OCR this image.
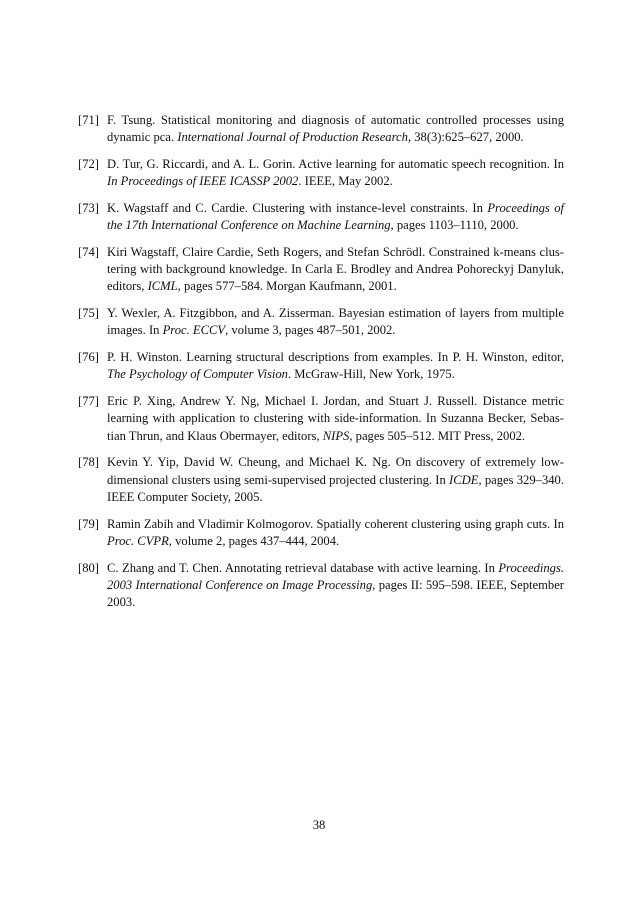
[71] F. Tsung. Statistical monitoring and diagnosis of automatic controlled processes using dynamic pca. International Journal of Production Research, 38(3):625–627, 2000.
[72] D. Tur, G. Riccardi, and A. L. Gorin. Active learning for automatic speech recognition. In In Proceedings of IEEE ICASSP 2002. IEEE, May 2002.
[73] K. Wagstaff and C. Cardie. Clustering with instance-level constraints. In Proceedings of the 17th International Conference on Machine Learning, pages 1103–1110, 2000.
[74] Kiri Wagstaff, Claire Cardie, Seth Rogers, and Stefan Schrödl. Constrained k-means clustering with background knowledge. In Carla E. Brodley and Andrea Pohoreckyj Danyluk, editors, ICML, pages 577–584. Morgan Kaufmann, 2001.
[75] Y. Wexler, A. Fitzgibbon, and A. Zisserman. Bayesian estimation of layers from multiple images. In Proc. ECCV, volume 3, pages 487–501, 2002.
[76] P. H. Winston. Learning structural descriptions from examples. In P. H. Winston, editor, The Psychology of Computer Vision. McGraw-Hill, New York, 1975.
[77] Eric P. Xing, Andrew Y. Ng, Michael I. Jordan, and Stuart J. Russell. Distance metric learning with application to clustering with side-information. In Suzanna Becker, Sebastian Thrun, and Klaus Obermayer, editors, NIPS, pages 505–512. MIT Press, 2002.
[78] Kevin Y. Yip, David W. Cheung, and Michael K. Ng. On discovery of extremely low-dimensional clusters using semi-supervised projected clustering. In ICDE, pages 329–340. IEEE Computer Society, 2005.
[79] Ramin Zabih and Vladimir Kolmogorov. Spatially coherent clustering using graph cuts. In Proc. CVPR, volume 2, pages 437–444, 2004.
[80] C. Zhang and T. Chen. Annotating retrieval database with active learning. In Proceedings. 2003 International Conference on Image Processing, pages II: 595–598. IEEE, September 2003.
38
